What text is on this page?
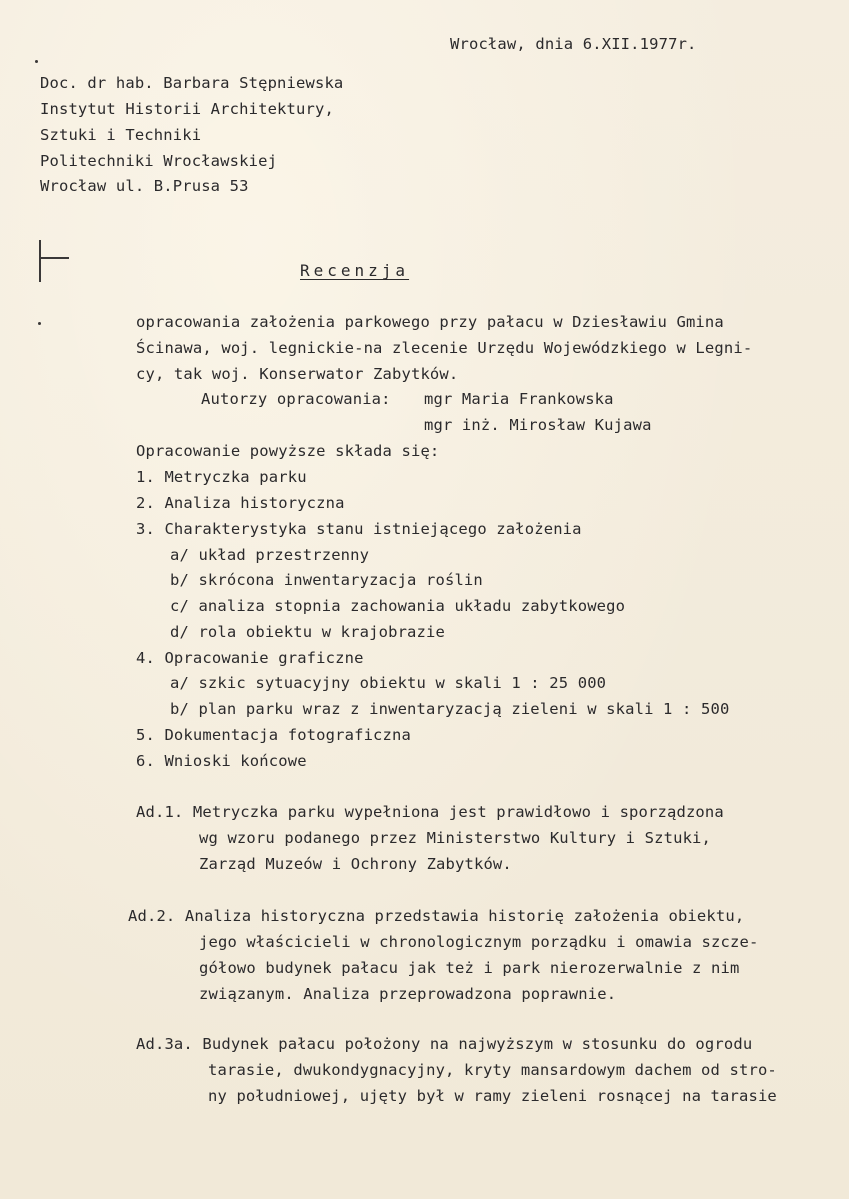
Wrocław, dnia 6.XII.1977r.
Doc. dr hab. Barbara Stępniewska
Instytut Historii Architektury,
Sztuki i Techniki
Politechniki Wrocławskiej
Wrocław ul. B.Prusa 53
Recenzja
opracowania założenia parkowego przy pałacu w Dziesławiu Gmina
Ścinawa, woj. legnickie-na zlecenie Urzędu Wojewódzkiego w Legni-
cy, tak woj. Konserwator Zabytków.
Autorzy opracowania: mgr Maria Frankowska
mgr inż. Mirosław Kujawa
Opracowanie powyższe składa się:
1. Metryczka parku
2. Analiza historyczna
3. Charakterystyka stanu istniejącego założenia
a/ układ przestrzenny
b/ skrócona inwentaryzacja roślin
c/ analiza stopnia zachowania układu zabytkowego
d/ rola obiektu w krajobrazie
4. Opracowanie graficzne
a/ szkic sytuacyjny obiektu w skali 1 : 25 000
b/ plan parku wraz z inwentaryzacją zieleni w skali 1 : 500
5. Dokumentacja fotograficzna
6. Wnioski końcowe
Ad.1. Metryczka parku wypełniona jest prawidłowo i sporządzona
wg wzoru podanego przez Ministerstwo Kultury i Sztuki,
Zarząd Muzeów i Ochrony Zabytków.
Ad.2. Analiza historyczna przedstawia historię założenia obiektu,
jego właścicieli w chronologicznym porządku i omawia szcze-
gółowo budynek pałacu jak też i park nierozerwalnie z nim
związanym. Analiza przeprowadzona poprawnie.
Ad.3a. Budynek pałacu położony na najwyższym w stosunku do ogrodu
tarasie, dwukondygnacyjny, kryty mansardowym dachem od stro-
ny południowej, ujęty był w ramy zieleni rosnącej na tarasie
